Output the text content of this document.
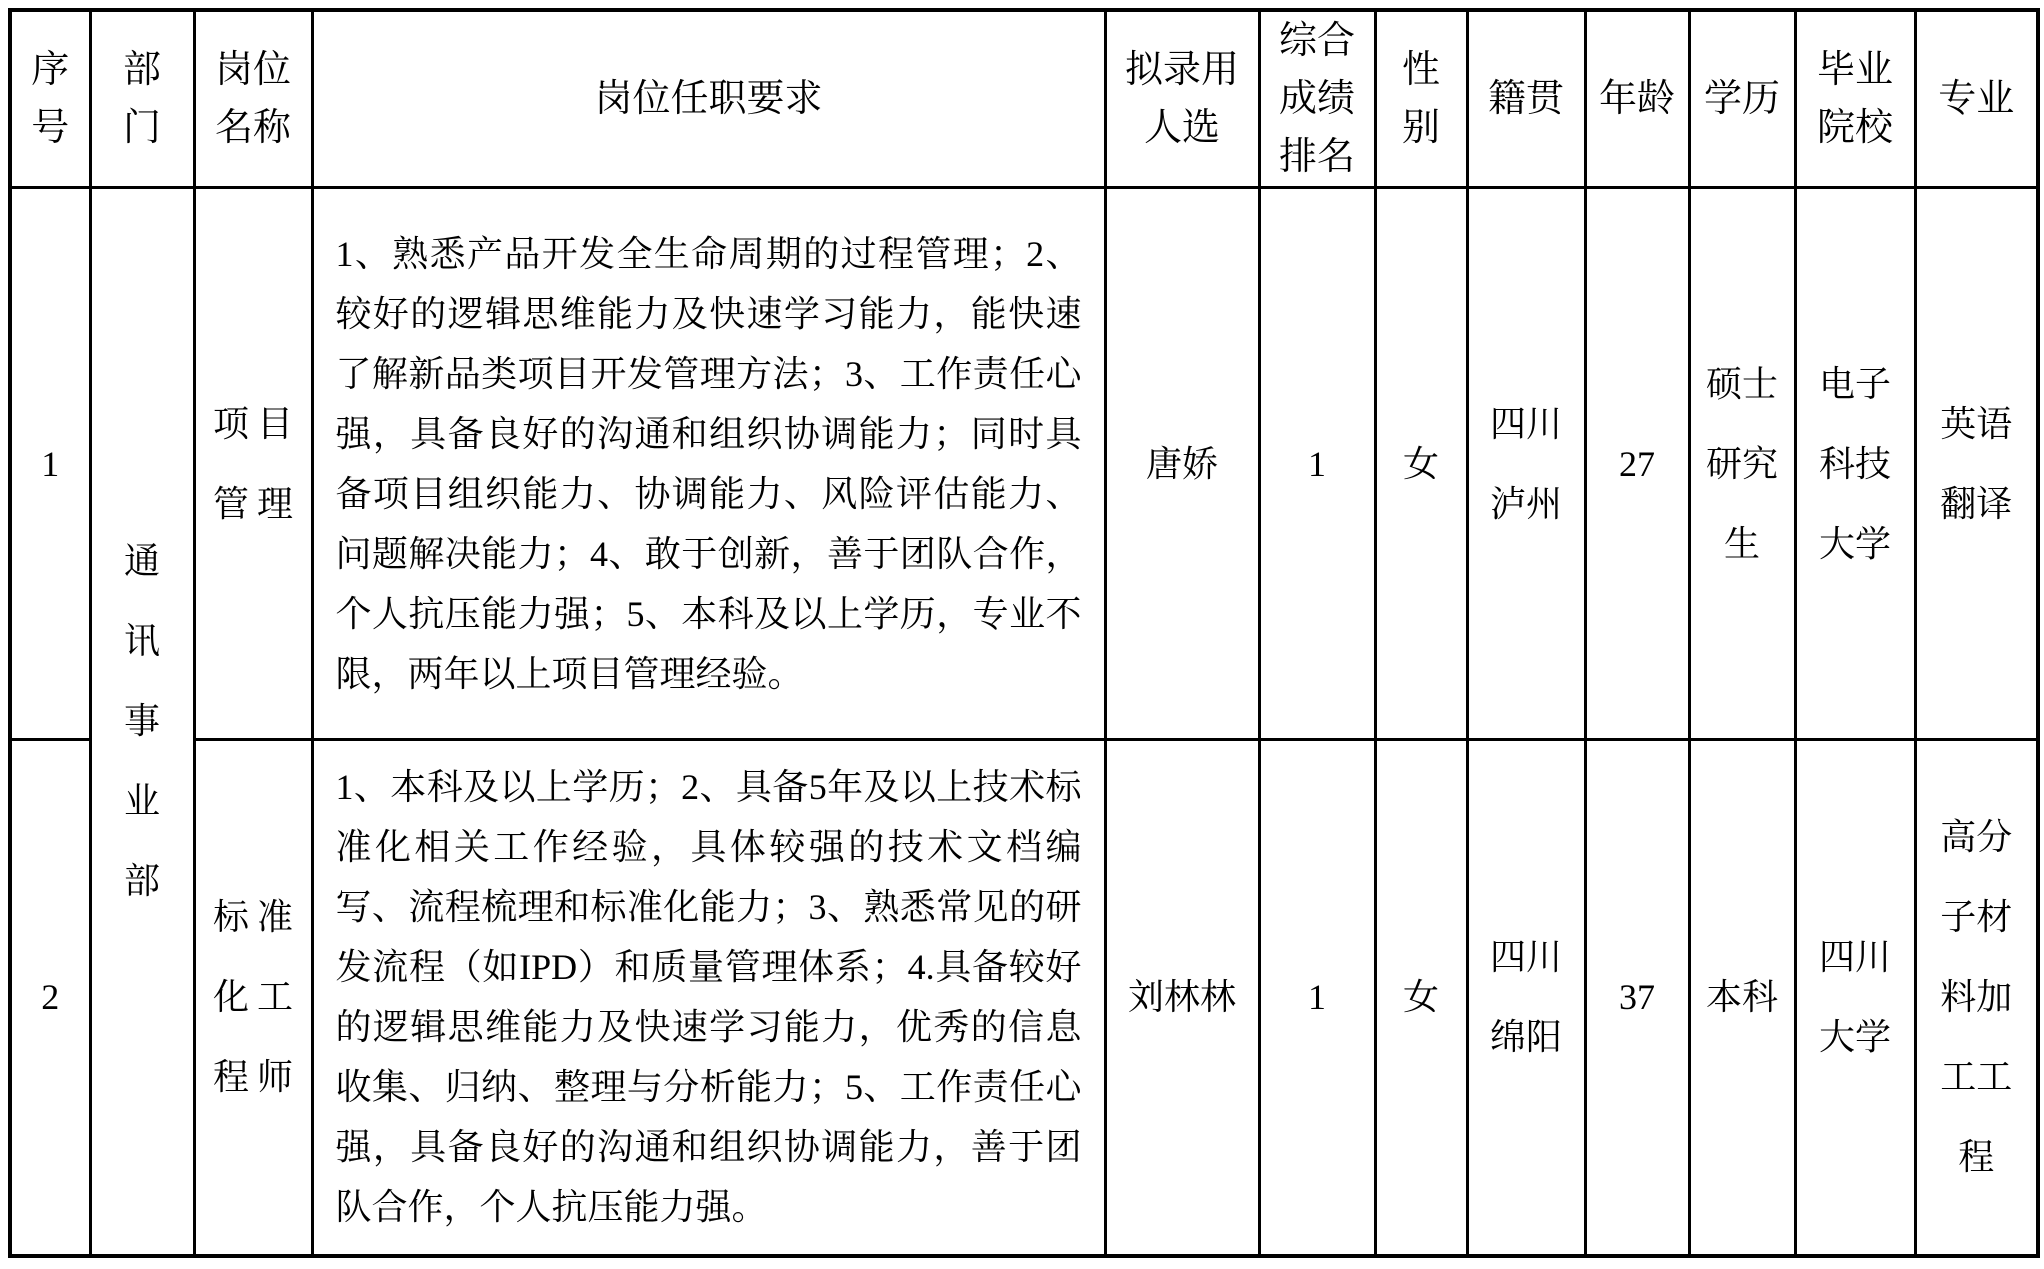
序号	部门	岗位名称	岗位任职要求	拟录用人选	综合成绩排名	性别	籍贯	年龄	学历	毕业院校	专业

1	通讯事业部	项目管理	1、熟悉产品开发全生命周期的过程管理；2、较好的逻辑思维能力及快速学习能力，能快速了解新品类项目开发管理方法；3、工作责任心强，具备良好的沟通和组织协调能力；同时具备项目组织能力、协调能力、风险评估能力、问题解决能力；4、敢于创新，善于团队合作，个人抗压能力强；5、本科及以上学历，专业不限，两年以上项目管理经验。	唐娇	1	女	四川泸州	27	硕士研究生	电子科技大学	英语翻译

2		标准化工程师	1、本科及以上学历；2、具备5年及以上技术标准化相关工作经验，具体较强的技术文档编写、流程梳理和标准化能力；3、熟悉常见的研发流程（如IPD）和质量管理体系；4.具备较好的逻辑思维能力及快速学习能力，优秀的信息收集、归纳、整理与分析能力；5、工作责任心强，具备良好的沟通和组织协调能力，善于团队合作，个人抗压能力强。	刘林林	1	女	四川绵阳	37	本科	四川大学	高分子材料加工工程
